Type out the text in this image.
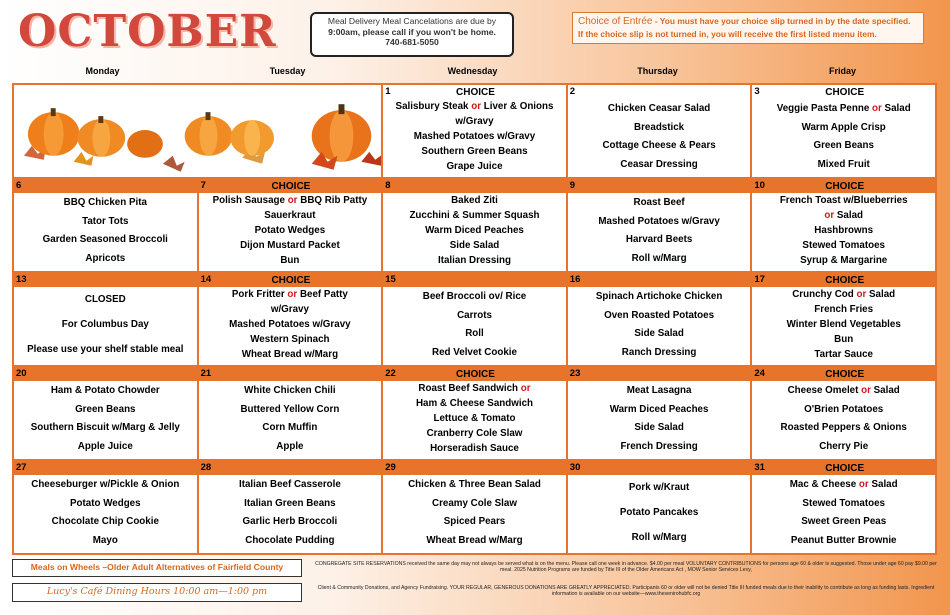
OCTOBER	Meal Delivery Meal Cancelations are due by
9:00am, please call if you won't be home.
740-681-5050
Choice of Entrée - You must have your choice slip turned in by the date specified.
If the choice slip is not turned in, you will receive the first listed menu item.
Monday	Tuesday	Wednesday	Thursday	Friday
1	CHOICE
Salisbury Steak or Liver & Onions
w/Gravy
Mashed Potatoes w/Gravy
Southern Green Beans
Grape Juice
2
Chicken Ceasar Salad
Breadstick
Cottage Cheese & Pears
Ceasar Dressing
3	CHOICE
Veggie Pasta Penne or Salad
Warm Apple Crisp
Green Beans
Mixed Fruit
6
BBQ Chicken Pita
Tator Tots
Garden Seasoned Broccoli
Apricots
7	CHOICE
Polish Sausage or BBQ Rib Patty
Sauerkraut
Potato Wedges
Dijon Mustard Packet
Bun
8
Baked Ziti
Zucchini & Summer Squash
Warm Diced Peaches
Side Salad
Italian Dressing
9
Roast Beef
Mashed Potatoes w/Gravy
Harvard Beets
Roll w/Marg
10	CHOICE
French Toast w/Blueberries
or Salad
Hashbrowns
Stewed Tomatoes
Syrup & Margarine
13
CLOSED
For Columbus Day
Please use your shelf stable meal
14	CHOICE
Pork Fritter or Beef Patty
w/Gravy
Mashed Potatoes w/Gravy
Western Spinach
Wheat Bread w/Marg
15
Beef Broccoli ov/ Rice
Carrots
Roll
Red Velvet Cookie
16
Spinach Artichoke Chicken
Oven Roasted Potatoes
Side Salad
Ranch Dressing
17	CHOICE
Crunchy Cod or Salad
French Fries
Winter Blend Vegetables
Bun
Tartar Sauce
20
Ham & Potato Chowder
Green Beans
Southern Biscuit w/Marg & Jelly
Apple Juice
21
White Chicken Chili
Buttered Yellow Corn
Corn Muffin
Apple
22	CHOICE
Roast Beef Sandwich or
Ham & Cheese Sandwich
Lettuce & Tomato
Cranberry Cole Slaw
Horseradish Sauce
23
Meat Lasagna
Warm Diced Peaches
Side Salad
French Dressing
24	CHOICE
Cheese Omelet or Salad
O'Brien Potatoes
Roasted Peppers & Onions
Cherry Pie
27
Cheeseburger w/Pickle & Onion
Potato Wedges
Chocolate Chip Cookie
Mayo
28
Italian Beef Casserole
Italian Green Beans
Garlic Herb Broccoli
Chocolate Pudding
29
Chicken & Three Bean Salad
Creamy Cole Slaw
Spiced Pears
Wheat Bread w/Marg
30
Pork w/Kraut
Potato Pancakes
Roll w/Marg
31	CHOICE
Mac & Cheese or Salad
Stewed Tomatoes
Sweet Green Peas
Peanut Butter Brownie
Meals on Wheels –Older Adult Alternatives of Fairfield County
Lucy's Café Dining Hours 10:00 am—1:00 pm
CONGREGATE SITE RESERVATIONS received the same day may not always be served what is on the menu. Please call one week in advance. $4.00 per meal VOLUNTARY CONTRIBUTIONS for persons age 60 & older is suggested. Those under age 60 pay $9.00 per meal. 2025 Nutrition Programs are funded by Title III of the Older Americans Act , MOW Senior Services Levy,
Client & Community Donations, and Agency Fundraising. YOUR REGULAR, GENEROUS DONATIONS ARE GREATLY APPRECIATED. Participants 60 or older will not be denied Title III funded meals due to their inability to contribute as long as funding lasts. Ingredient information is available on our website—www.thesenirohubfc.org
